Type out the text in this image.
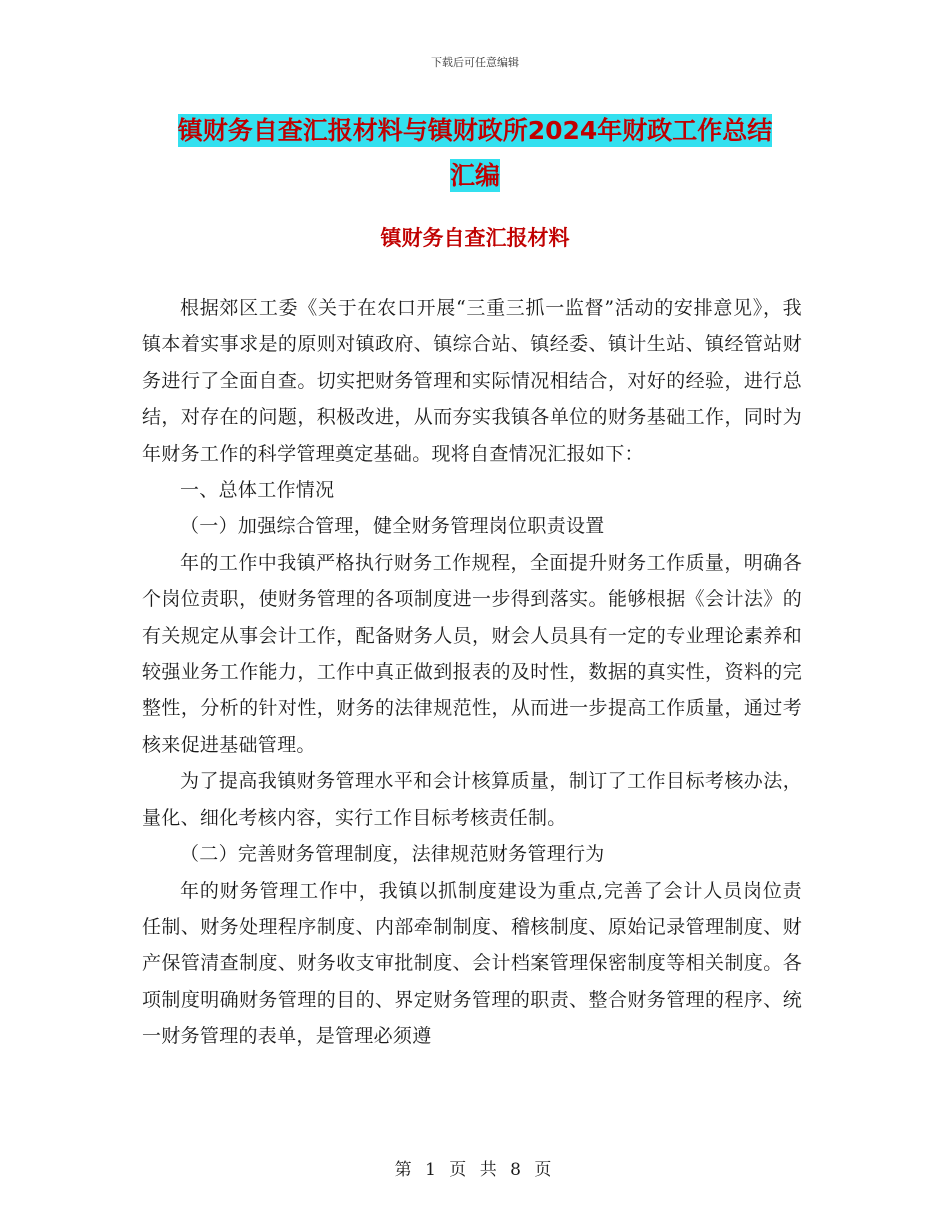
下载后可任意编辑
镇财务自查汇报材料与镇财政所2024年财政工作总结
汇编
镇财务自查汇报材料

根据郊区工委《关于在农口开展“三重三抓一监督”活动的安排意见》，我镇本着实事求是的原则对镇政府、镇综合站、镇经委、镇计生站、镇经管站财务进行了全面自查。切实把财务管理和实际情况相结合，对好的经验，进行总结，对存在的问题，积极改进，从而夯实我镇各单位的财务基础工作，同时为年财务工作的科学管理奠定基础。现将自查情况汇报如下：

一、总体工作情况

（一）加强综合管理，健全财务管理岗位职责设置

年的工作中我镇严格执行财务工作规程，全面提升财务工作质量，明确各个岗位责职，使财务管理的各项制度进一步得到落实。能够根据《会计法》的有关规定从事会计工作，配备财务人员，财会人员具有一定的专业理论素养和较强业务工作能力，工作中真正做到报表的及时性，数据的真实性，资料的完整性，分析的针对性，财务的法律规范性，从而进一步提高工作质量，通过考核来促进基础管理。

为了提高我镇财务管理水平和会计核算质量，制订了工作目标考核办法，量化、细化考核内容，实行工作目标考核责任制。

（二）完善财务管理制度，法律规范财务管理行为

年的财务管理工作中，我镇以抓制度建设为重点,完善了会计人员岗位责任制、财务处理程序制度、内部牵制制度、稽核制度、原始记录管理制度、财产保管清查制度、财务收支审批制度、会计档案管理保密制度等相关制度。各项制度明确财务管理的目的、界定财务管理的职责、整合财务管理的程序、统一财务管理的表单，是管理必须遵

第 1 页 共 8 页
